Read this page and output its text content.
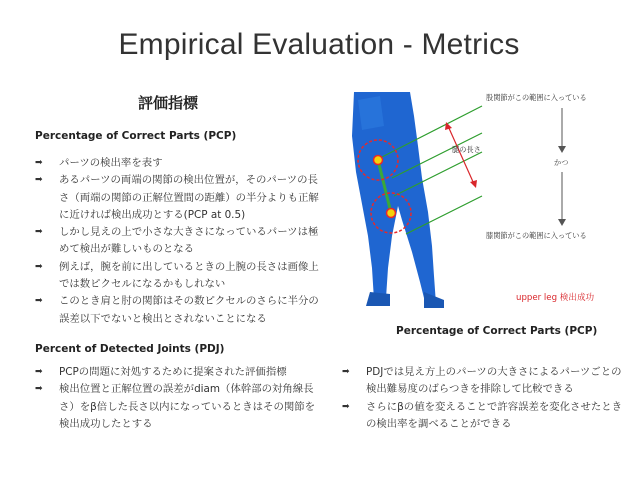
Empirical Evaluation - Metrics
評価指標
Percentage of Correct Parts (PCP)
➡ パーツの検出率を表す
➡ あるパーツの両端の関節の検出位置が，そのパーツの長さ（両端の関節の正解位置間の距離）の半分よりも正解に近ければ検出成功とする(PCP at 0.5)
➡ しかし見えの上で小さな大きさになっているパーツは極めて検出が難しいものとなる
➡ 例えば，腕を前に出しているときの上腕の長さは画像上では数ピクセルになるかもしれない
➡ このとき肩と肘の関節はその数ピクセルのさらに半分の誤差以下でないと検出とされないことになる
Percent of Detected Joints (PDJ)
➡ PCPの問題に対処するために提案された評価指標
➡ 検出位置と正解位置の誤差がdiam（体幹部の対角線長さ）をβ倍した長さ以内になっているときはその関節を検出成功したとする
➡ PDJでは見え方上のパーツの大きさによるパーツごとの検出難易度のばらつきを排除して比較できる
➡ さらにβの値を変えることで許容誤差を変化させたときの検出率を調べることができる
股関節がこの範囲に入っている
腿の長さ
かつ
膝関節がこの範囲に入っている
upper leg 検出成功
Percentage of Correct Parts (PCP)
